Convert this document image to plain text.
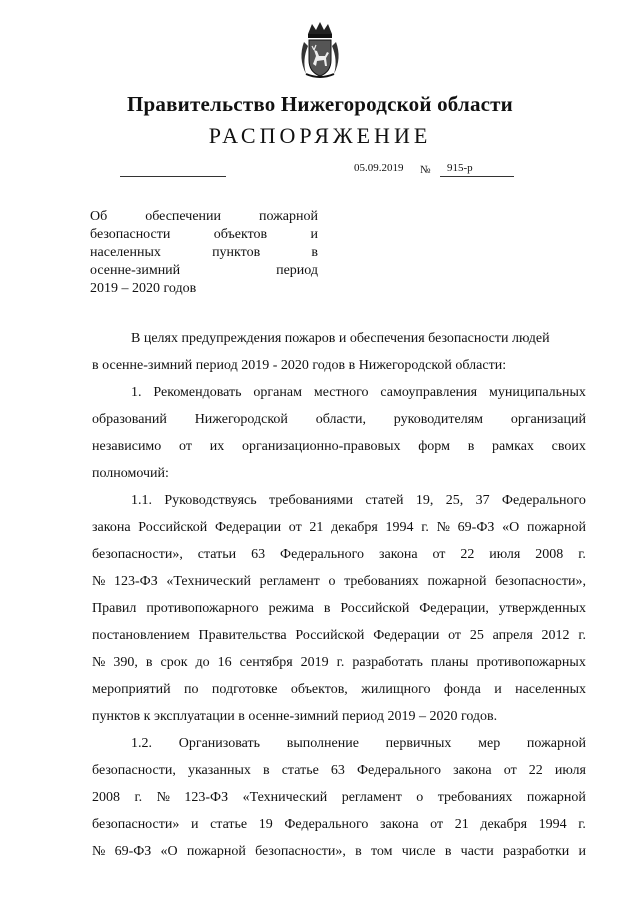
Правительство Нижегородской области
РАСПОРЯЖЕНИЕ
05.09.2019 № 915-р
Об	обеспечении	пожарной
безопасности	объектов	и
населенных	пунктов	в
осенне-зимний	период
2019 – 2020 годов
В целях предупреждения пожаров и обеспечения безопасности людей
в осенне-зимний период 2019 - 2020 годов в Нижегородской области:
1. Рекомендовать органам местного самоуправления муниципальных
образований Нижегородской области, руководителям организаций
независимо от их организационно-правовых форм в рамках своих
полномочий:
1.1. Руководствуясь требованиями статей 19, 25, 37 Федерального
закона Российской Федерации от 21 декабря 1994 г. № 69-ФЗ «О пожарной
безопасности», статьи 63 Федерального закона от 22 июля 2008 г.
№ 123-ФЗ «Технический регламент о требованиях пожарной безопасности»,
Правил противопожарного режима в Российской Федерации, утвержденных
постановлением Правительства Российской Федерации от 25 апреля 2012 г.
№ 390, в срок до 16 сентября 2019 г. разработать планы противопожарных
мероприятий по подготовке объектов, жилищного фонда и населенных
пунктов к эксплуатации в осенне-зимний период 2019 – 2020 годов.
1.2. Организовать выполнение первичных мер пожарной
безопасности, указанных в статье 63 Федерального закона от 22 июля
2008 г. № 123-ФЗ «Технический регламент о требованиях пожарной
безопасности» и статье 19 Федерального закона от 21 декабря 1994 г.
№ 69-ФЗ «О пожарной безопасности», в том числе в части разработки и
